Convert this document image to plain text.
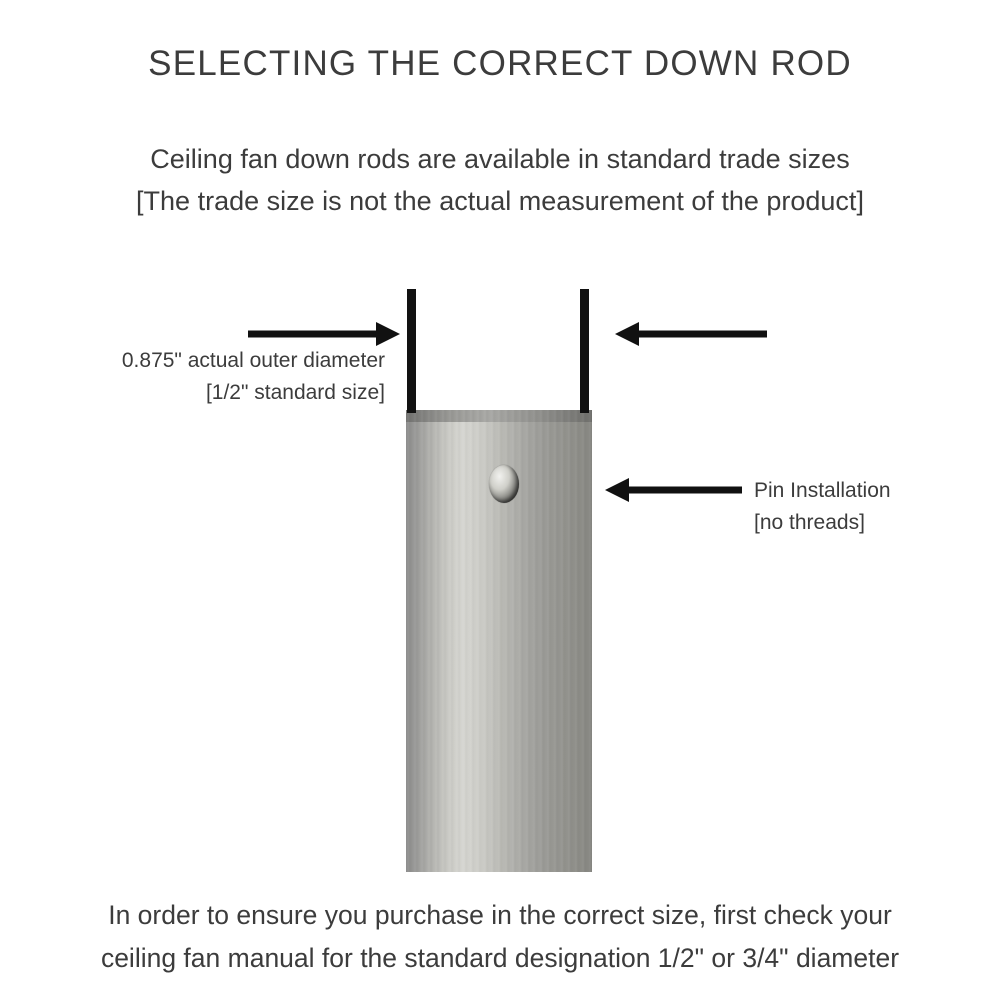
SELECTING THE CORRECT DOWN ROD
Ceiling fan down rods are available in standard trade sizes
[The trade size is not the actual measurement of the product]
0.875" actual outer diameter
[1/2" standard size]
Pin Installation
[no threads]
In order to ensure you purchase in the correct size, first check your
ceiling fan manual for the standard designation 1/2" or 3/4" diameter
